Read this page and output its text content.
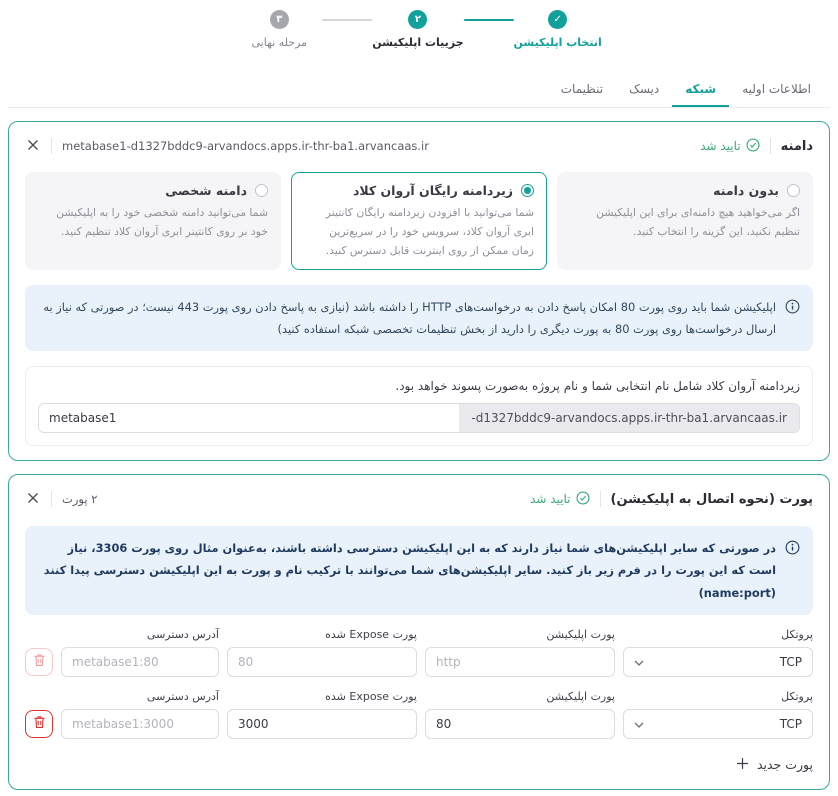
✓
انتخاب اپلیکیشن
۲
جزییات اپلیکیشن
۳
مرحله نهایی
اطلاعات اولیه
شبکه
دیسک
تنظیمات
دامنه
تایید شد
metabase1-d1327bddc9-arvandocs.apps.ir-thr-ba1.arvancaas.ir
بدون دامنه
اگر می‌خواهید هیچ دامنه‌ای برای این اپلیکیشن تنظیم نکنید، این گزینه را انتخاب کنید.
زیردامنه رایگان آروان کلاد
شما می‌توانید با افزودن زیردامنه رایگان کانتینر ابری آروان کلاد، سرویس خود را در سریع‌ترین زمان ممکن از روی اینترنت قابل دسترس کنید.
دامنه شخصی
شما می‌توانید دامنه شخصی خود را به اپلیکیشن خود بر روی کانتینر ابری آروان کلاد تنظیم کنید.
اپلیکیشن شما باید روی پورت 80 امکان پاسخ دادن به درخواست‌های HTTP را داشته باشد (نیازی به پاسخ دادن روی پورت 443 نیست؛ در صورتی که نیاز به ارسال درخواست‌ها روی پورت 80 به پورت دیگری را دارید از بخش تنظیمات تخصصی شبکه استفاده کنید)
زیردامنه آروان کلاد شامل نام انتخابی شما و نام پروژه به‌صورت پسوند خواهد بود.
metabase1
-d1327bddc9-arvandocs.apps.ir-thr-ba1.arvancaas.ir
پورت (نحوه اتصال به اپلیکیشن)
تایید شد
۲ پورت
در صورتی که سایر اپلیکیشن‌های شما نیاز دارند که به این اپلیکیشن دسترسی داشته باشند، به‌عنوان مثال روی پورت 3306، نیاز است که این پورت را در فرم زیر باز کنید. سایر اپلیکیشن‌های شما می‌توانند با ترکیب نام و پورت به این اپلیکیشن دسترسی پیدا کنند (name:port)
پروتکل
TCP
پورت اپلیکیشن
http
پورت Expose شده
80
آدرس دسترسی
metabase1:80
پروتکل
TCP
پورت اپلیکیشن
80
پورت Expose شده
3000
آدرس دسترسی
metabase1:3000
پورت جدید
